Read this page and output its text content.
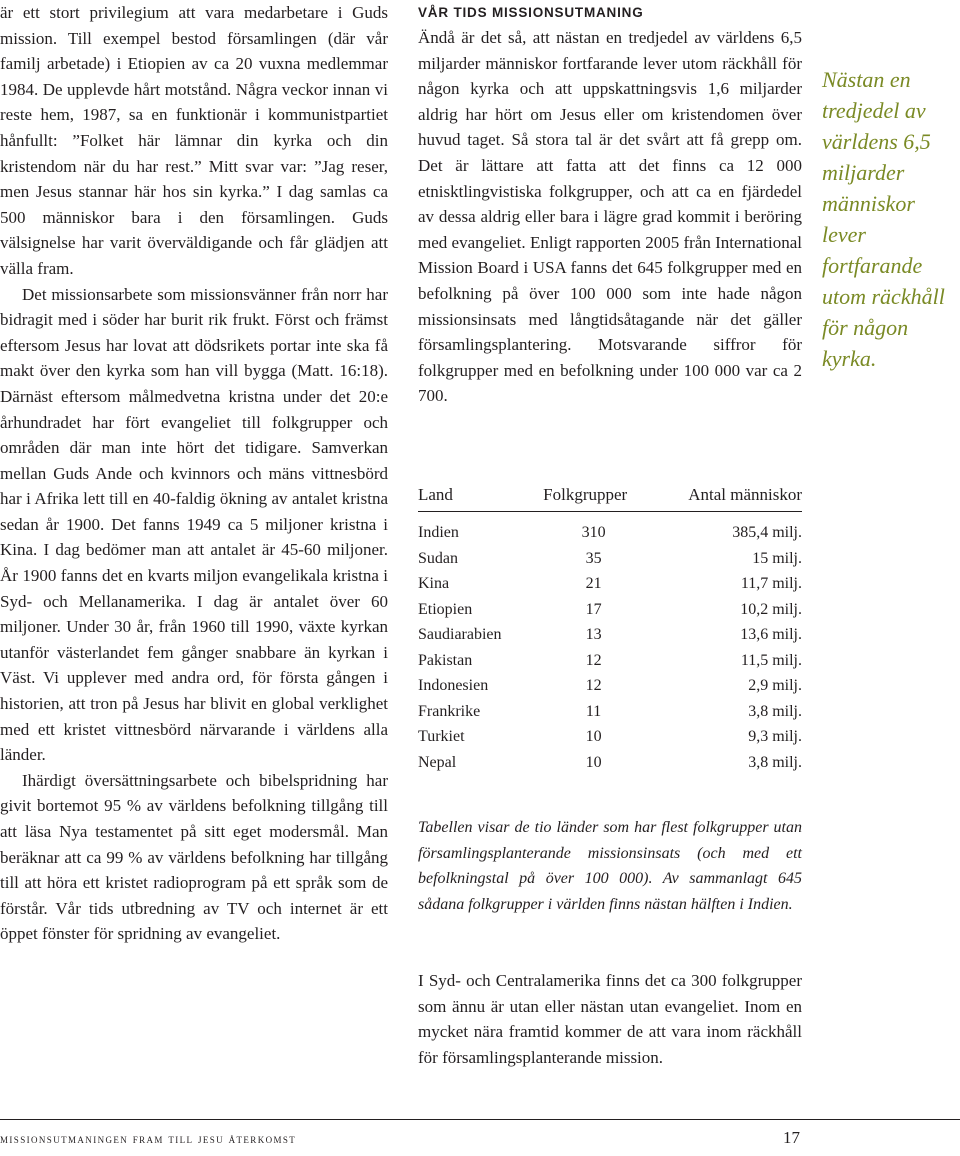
är ett stort privilegium att vara medarbetare i Guds mission. Till exempel bestod församlingen (där vår familj arbetade) i Etiopien av ca 20 vuxna medlemmar 1984. De upplevde hårt motstånd. Några veckor innan vi reste hem, 1987, sa en funktionär i kommunistpartiet hånfullt: ”Folket här lämnar din kyrka och din kristendom när du har rest.” Mitt svar var: ”Jag reser, men Jesus stannar här hos sin kyrka.” I dag samlas ca 500 människor bara i den församlingen. Guds välsignelse har varit överväldigande och får glädjen att välla fram.

Det missionsarbete som missionsvänner från norr har bidragit med i söder har burit rik frukt. Först och främst eftersom Jesus har lovat att dödsrikets portar inte ska få makt över den kyrka som han vill bygga (Matt. 16:18). Därnäst eftersom målmedvetna kristna under det 20:e århundradet har fört evangeliet till folkgrupper och områden där man inte hört det tidigare. Samverkan mellan Guds Ande och kvinnors och mäns vittnesbörd har i Afrika lett till en 40-faldig ökning av antalet kristna sedan år 1900. Det fanns 1949 ca 5 miljoner kristna i Kina. I dag bedömer man att antalet är 45-60 miljoner. År 1900 fanns det en kvarts miljon evangelikala kristna i Syd- och Mellanamerika. I dag är antalet över 60 miljoner. Under 30 år, från 1960 till 1990, växte kyrkan utanför västerlandet fem gånger snabbare än kyrkan i Väst. Vi upplever med andra ord, för första gången i historien, att tron på Jesus har blivit en global verklighet med ett kristet vittnesbörd närvarande i världens alla länder.

Ihärdigt översättningsarbete och bibelspridning har givit bortemot 95 % av världens befolkning tillgång till att läsa Nya testamentet på sitt eget modersmål. Man beräknar att ca 99 % av världens befolkning har tillgång till att höra ett kristet radioprogram på ett språk som de förstår. Vår tids utbredning av TV och internet är ett öppet fönster för spridning av evangeliet.

VÅR TIDS MISSIONSUTMANING

Ändå är det så, att nästan en tredjedel av världens 6,5 miljarder människor fortfarande lever utom räckhåll för någon kyrka och att uppskattningsvis 1,6 miljarder aldrig har hört om Jesus eller om kristendomen över huvud taget. Så stora tal är det svårt att få grepp om. Det är lättare att fatta att det finns ca 12 000 etnisktlingvistiska folkgrupper, och att ca en fjärdedel av dessa aldrig eller bara i lägre grad kommit i beröring med evangeliet. Enligt rapporten 2005 från International Mission Board i USA fanns det 645 folkgrupper med en befolkning på över 100 000 som inte hade någon missionsinsats med långtidsåtagande när det gäller församlingsplantering. Motsvarande siffror för folkgrupper med en befolkning under 100 000 var ca 2 700.

Nästan en tredjedel av världens 6,5 miljarder människor lever fortfarande utom räckhåll för någon kyrka.
Land	Folkgrupper	Antal människor
Indien	310	385,4 milj.
Sudan	35	15 milj.
Kina	21	11,7 milj.
Etiopien	17	10,2 milj.
Saudiarabien	13	13,6 milj.
Pakistan	12	11,5 milj.
Indonesien	12	2,9 milj.
Frankrike	11	3,8 milj.
Turkiet	10	9,3 milj.
Nepal	10	3,8 milj.

Tabellen visar de tio länder som har flest folkgrupper utan församlingsplanterande missionsinsats (och med ett befolkningstal på över 100 000). Av sammanlagt 645 sådana folkgrupper i världen finns nästan hälften i Indien.

I Syd- och Centralamerika finns det ca 300 folkgrupper som ännu är utan eller nästan utan evangeliet. Inom en mycket nära framtid kommer de att vara inom räckhåll för församlingsplanterande mission.

missionsutmaningen fram till jesu återkomst	17
